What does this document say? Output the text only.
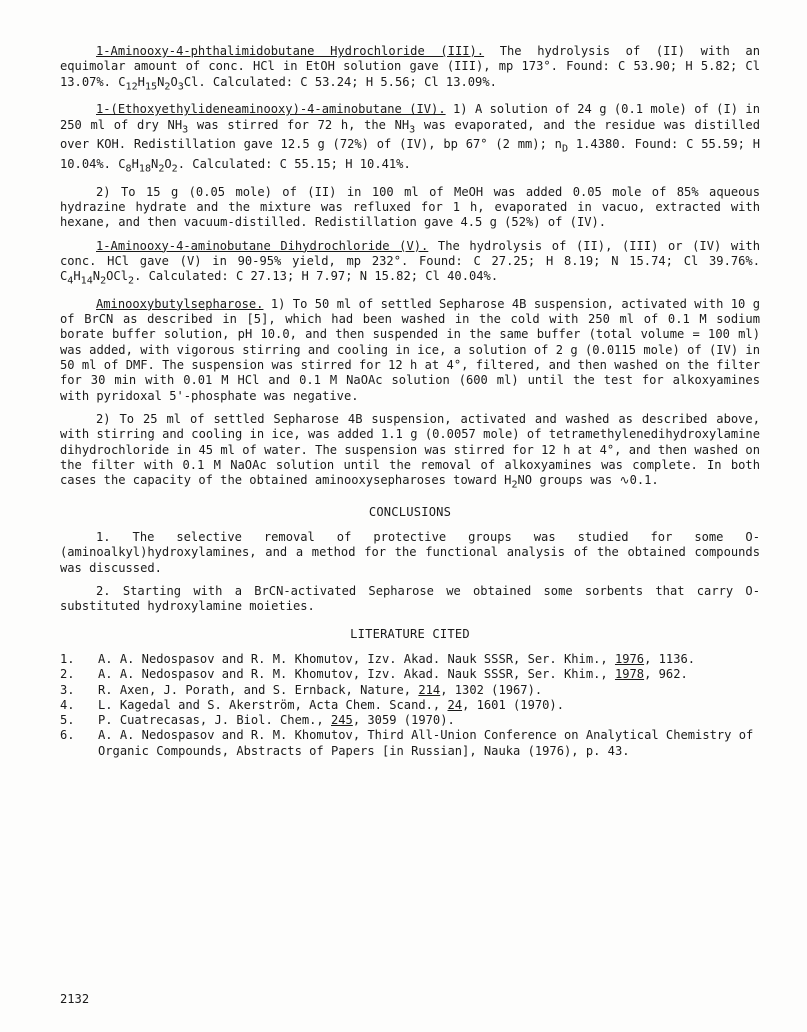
1-Aminooxy-4-phthalimidobutane Hydrochloride (III). The hydrolysis of (II) with an equimolar amount of conc. HCl in EtOH solution gave (III), mp 173°. Found: C 53.90; H 5.82; Cl 13.07%. $C_{12}H_{15}N_2O_3Cl$. Calculated: C 53.24; H 5.56; Cl 13.09%.

1-(Ethoxyethylideneaminooxy)-4-aminobutane (IV). 1) A solution of 24 g (0.1 mole) of (I) in 250 ml of dry $NH_3$ was stirred for 72 h, the $NH_3$ was evaporated, and the residue was distilled over KOH. Redistillation gave 12.5 g (72%) of (IV), bp 67° (2 mm); $n_D$ 1.4380. Found: C 55.59; H 10.04%. $C_8H_{18}N_2O_2$. Calculated: C 55.15; H 10.41%.

2) To 15 g (0.05 mole) of (II) in 100 ml of MeOH was added 0.05 mole of 85% aqueous hydrazine hydrate and the mixture was refluxed for 1 h, evaporated in vacuo, extracted with hexane, and then vacuum-distilled. Redistillation gave 4.5 g (52%) of (IV).

1-Aminooxy-4-aminobutane Dihydrochloride (V). The hydrolysis of (II), (III) or (IV) with conc. HCl gave (V) in 90-95% yield, mp 232°. Found: C 27.25; H 8.19; N 15.74; Cl 39.76%. $C_4H_{14}N_2OCl_2$. Calculated: C 27.13; H 7.97; N 15.82; Cl 40.04%.

Aminooxybutylsepharose. 1) To 50 ml of settled Sepharose 4B suspension, activated with 10 g of BrCN as described in [5], which had been washed in the cold with 250 ml of 0.1 M sodium borate buffer solution, pH 10.0, and then suspended in the same buffer (total volume = 100 ml) was added, with vigorous stirring and cooling in ice, a solution of 2 g (0.0115 mole) of (IV) in 50 ml of DMF. The suspension was stirred for 12 h at 4°, filtered, and then washed on the filter for 30 min with 0.01 M HCl and 0.1 M NaOAc solution (600 ml) until the test for alkoxyamines with pyridoxal 5'-phosphate was negative.

2) To 25 ml of settled Sepharose 4B suspension, activated and washed as described above, with stirring and cooling in ice, was added 1.1 g (0.0057 mole) of tetramethylenedihydroxylamine dihydrochloride in 45 ml of water. The suspension was stirred for 12 h at 4°, and then washed on the filter with 0.1 M NaOAc solution until the removal of alkoxyamines was complete. In both cases the capacity of the obtained aminooxysepharoses toward $H_2NO$ groups was ∿0.1.

CONCLUSIONS

1. The selective removal of protective groups was studied for some O-(aminoalkyl)hydroxylamines, and a method for the functional analysis of the obtained compounds was discussed.

2. Starting with a BrCN-activated Sepharose we obtained some sorbents that carry O-substituted hydroxylamine moieties.

LITERATURE CITED
1.	A. A. Nedospasov and R. M. Khomutov, Izv. Akad. Nauk SSSR, Ser. Khim., 1976, 1136.
2.	A. A. Nedospasov and R. M. Khomutov, Izv. Akad. Nauk SSSR, Ser. Khim., 1978, 962.
3.	R. Axen, J. Porath, and S. Ernback, Nature, 214, 1302 (1967).
4.	L. Kagedal and S. Akerström, Acta Chem. Scand., 24, 1601 (1970).
5.	P. Cuatrecasas, J. Biol. Chem., 245, 3059 (1970).
6.	A. A. Nedospasov and R. M. Khomutov, Third All-Union Conference on Analytical Chemistry of Organic Compounds, Abstracts of Papers [in Russian], Nauka (1976), p. 43.
2132
